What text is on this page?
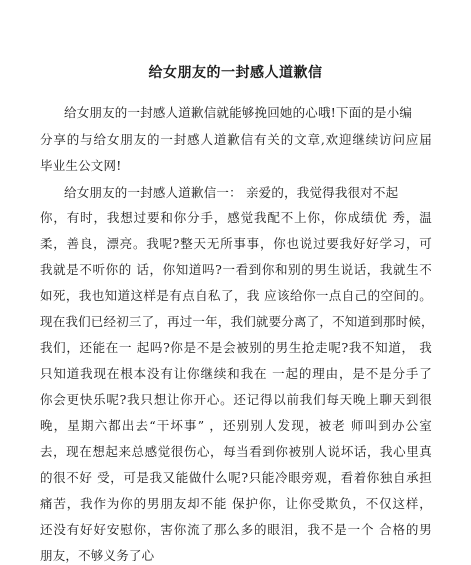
给女朋友的一封感人道歉信
给女朋友的一封感人道歉信就能够挽回她的心哦!下面的是小编
分享的与给女朋友的一封感人道歉信有关的文章,欢迎继续访问应届
毕业生公文网!
给女朋友的一封感人道歉信一： 亲爱的，我觉得我很对不起
你，有时，我想过要和你分手，感觉我配不上你，你成绩优 秀，温
柔，善良，漂亮。我呢?整天无所事事，你也说过要我好好学习，可
我就是不听你的 话，你知道吗?一看到你和别的男生说话，我就生不
如死，我也知道这样是有点自私了，我 应该给你一点自己的空间的。
现在我们已经初三了，再过一年，我们就要分离了，不知道到那时候，
我们，还能在一 起吗?你是不是会被别的男生抢走呢?我不知道， 我
只知道我现在根本没有让你继续和我在 一起的理由，是不是分手了
你会更快乐呢?我只想让你开心。还记得以前我们每天晚上聊天到很
晚，星期六都出去“干坏事” ，还别别人发现，被老 师叫到办公室
去，现在想起来总感觉很伤心，每当看到你被别人说坏话，我心里真
的很不好 受，可是我又能做什么呢?只能冷眼旁观，看着你独自承担
痛苦，我作为你的男朋友却不能 保护你，让你受欺负，不仅这样，
还没有好好安慰你，害你流了那么多的眼泪，我不是一个 合格的男
朋友，不够义务了心
